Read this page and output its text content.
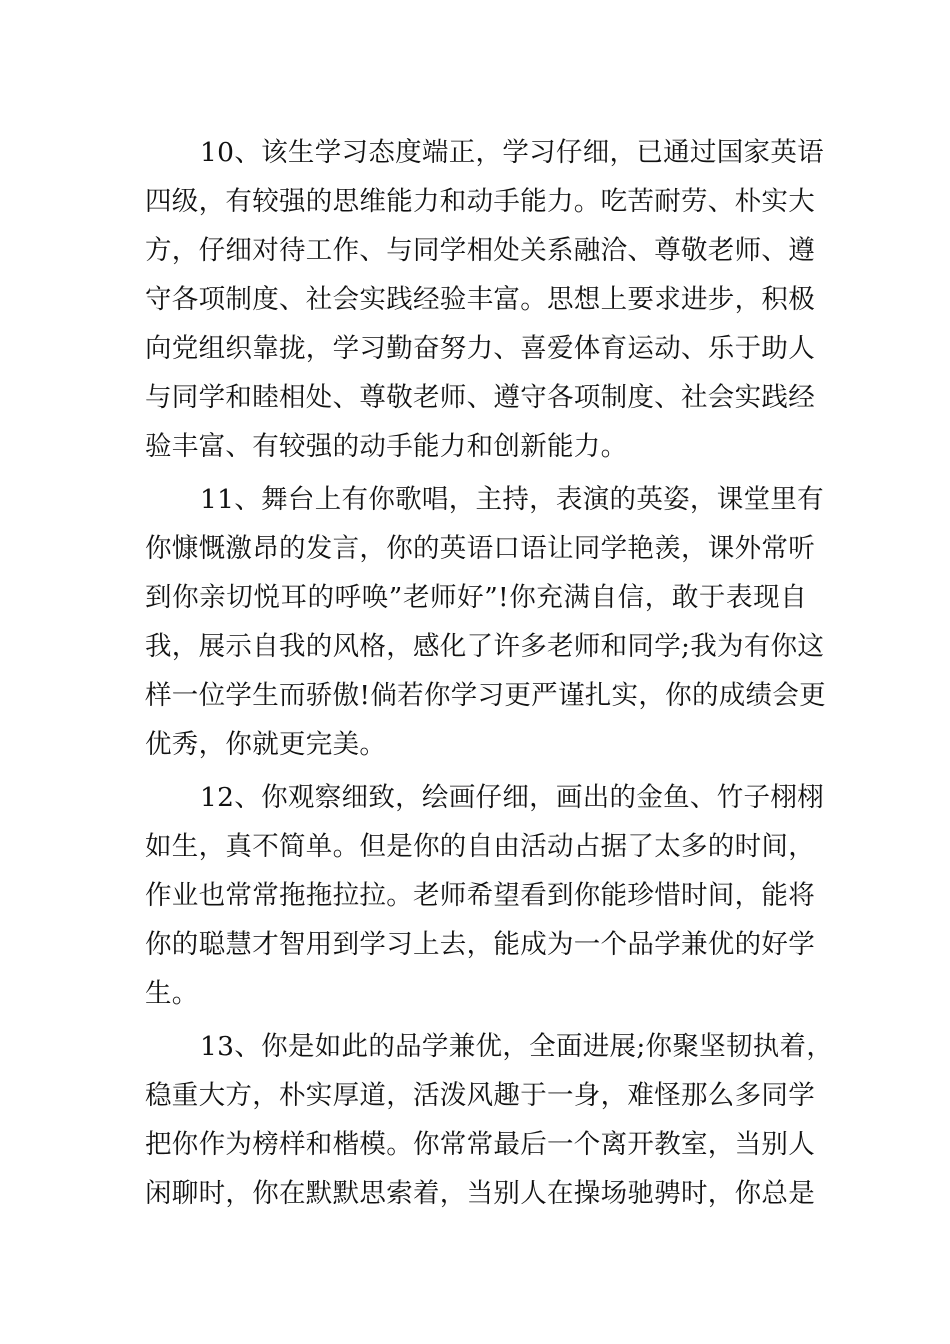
10、该生学习态度端正，学习仔细，已通过国家英语
四级，有较强的思维能力和动手能力。吃苦耐劳、朴实大
方，仔细对待工作、与同学相处关系融洽、尊敬老师、遵
守各项制度、社会实践经验丰富。思想上要求进步，积极
向党组织靠拢，学习勤奋努力、喜爱体育运动、乐于助人
与同学和睦相处、尊敬老师、遵守各项制度、社会实践经
验丰富、有较强的动手能力和创新能力。
11、舞台上有你歌唱，主持，表演的英姿，课堂里有
你慷慨激昂的发言，你的英语口语让同学艳羡，课外常听
到你亲切悦耳的呼唤”老师好”!你充满自信，敢于表现自
我，展示自我的风格，感化了许多老师和同学;我为有你这
样一位学生而骄傲!倘若你学习更严谨扎实，你的成绩会更
优秀，你就更完美。
12、你观察细致，绘画仔细，画出的金鱼、竹子栩栩
如生，真不简单。但是你的自由活动占据了太多的时间，
作业也常常拖拖拉拉。老师希望看到你能珍惜时间，能将
你的聪慧才智用到学习上去，能成为一个品学兼优的好学
生。
13、你是如此的品学兼优，全面进展;你聚坚韧执着，
稳重大方，朴实厚道，活泼风趣于一身，难怪那么多同学
把你作为榜样和楷模。你常常最后一个离开教室，当别人
闲聊时，你在默默思索着，当别人在操场驰骋时，你总是
